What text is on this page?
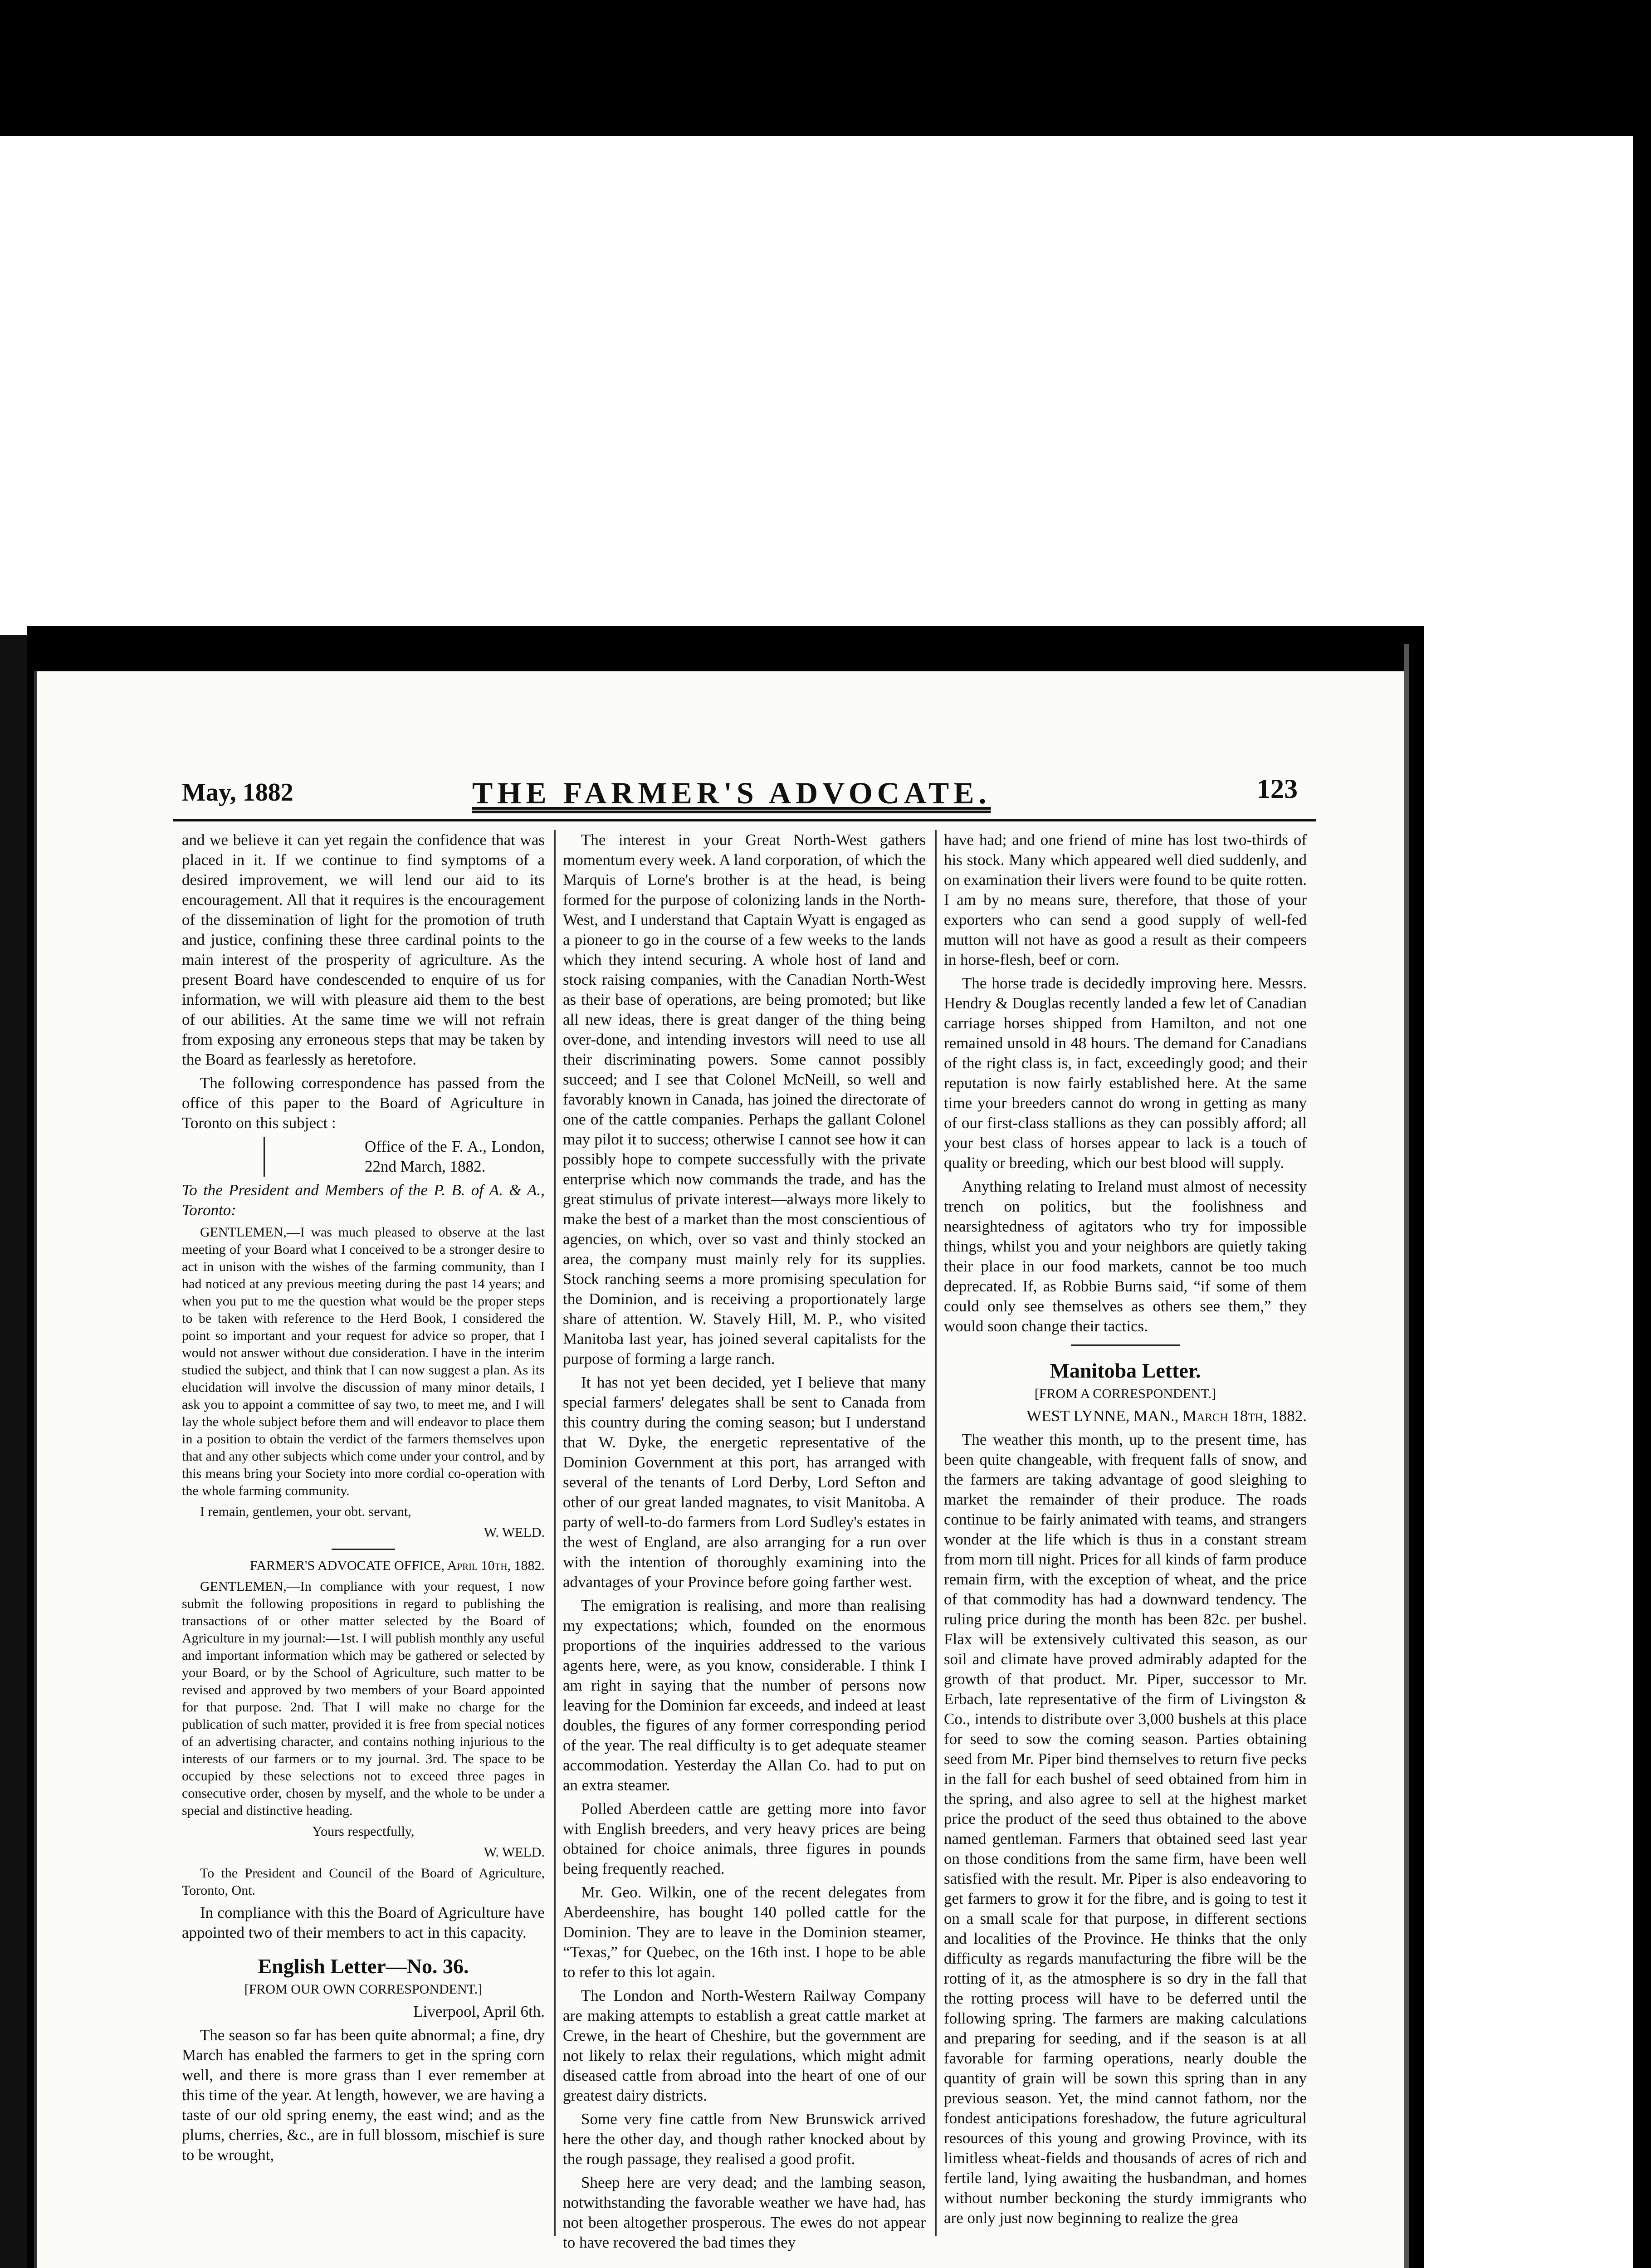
May, 1882	THE FARMER'S ADVOCATE.	123

and we believe it can yet regain the confidence that was placed in it. If we continue to find symptoms of a desired improvement, we will lend our aid to its encouragement. All that it requires is the encouragement of the dissemination of light for the promotion of truth and justice, confining these three cardinal points to the main interest of the prosperity of agriculture. As the present Board have condescended to enquire of us for information, we will with pleasure aid them to the best of our abilities. At the same time we will not refrain from exposing any erroneous steps that may be taken by the Board as fearlessly as heretofore.

The following correspondence has passed from the office of this paper to the Board of Agriculture in Toronto on this subject :

Office of the F. A., London, 22nd March, 1882.

To the President and Members of the P. B. of A. & A., Toronto:

GENTLEMEN,—I was much pleased to observe at the last meeting of your Board what I conceived to be a stronger desire to act in unison with the wishes of the farming community, than I had noticed at any previous meeting during the past 14 years; and when you put to me the question what would be the proper steps to be taken with reference to the Herd Book, I considered the point so important and your request for advice so proper, that I would not answer without due consideration. I have in the interim studied the subject, and think that I can now suggest a plan. As its elucidation will involve the discussion of many minor details, I ask you to appoint a committee of say two, to meet me, and I will lay the whole subject before them and will endeavor to place them in a position to obtain the verdict of the farmers themselves upon that and any other subjects which come under your control, and by this means bring your Society into more cordial co-operation with the whole farming community.

I remain, gentlemen, your obt. servant,

W. WELD.

FARMER'S ADVOCATE OFFICE, April 10th, 1882.

GENTLEMEN,—In compliance with your request, I now submit the following propositions in regard to publishing the transactions of or other matter selected by the Board of Agriculture in my journal:—1st. I will publish monthly any useful and important information which may be gathered or selected by your Board, or by the School of Agriculture, such matter to be revised and approved by two members of your Board appointed for that purpose. 2nd. That I will make no charge for the publication of such matter, provided it is free from special notices of an advertising character, and contains nothing injurious to the interests of our farmers or to my journal. 3rd. The space to be occupied by these selections not to exceed three pages in consecutive order, chosen by myself, and the whole to be under a special and distinctive heading.

Yours respectfully,

W. WELD.

To the President and Council of the Board of Agriculture, Toronto, Ont.

In compliance with this the Board of Agriculture have appointed two of their members to act in this capacity.

English Letter—No. 36.

[FROM OUR OWN CORRESPONDENT.]

Liverpool, April 6th.

The season so far has been quite abnormal; a fine, dry March has enabled the farmers to get in the spring corn well, and there is more grass than I ever remember at this time of the year. At length, however, we are having a taste of our old spring enemy, the east wind; and as the plums, cherries, &c., are in full blossom, mischief is sure to be wrought,

The interest in your Great North-West gathers momentum every week. A land corporation, of which the Marquis of Lorne's brother is at the head, is being formed for the purpose of colonizing lands in the North-West, and I understand that Captain Wyatt is engaged as a pioneer to go in the course of a few weeks to the lands which they intend securing. A whole host of land and stock raising companies, with the Canadian North-West as their base of operations, are being promoted; but like all new ideas, there is great danger of the thing being over-done, and intending investors will need to use all their discriminating powers. Some cannot possibly succeed; and I see that Colonel McNeill, so well and favorably known in Canada, has joined the directorate of one of the cattle companies. Perhaps the gallant Colonel may pilot it to success; otherwise I cannot see how it can possibly hope to compete successfully with the private enterprise which now commands the trade, and has the great stimulus of private interest—always more likely to make the best of a market than the most conscientious of agencies, on which, over so vast and thinly stocked an area, the company must mainly rely for its supplies. Stock ranching seems a more promising speculation for the Dominion, and is receiving a proportionately large share of attention. W. Stavely Hill, M. P., who visited Manitoba last year, has joined several capitalists for the purpose of forming a large ranch.

It has not yet been decided, yet I believe that many special farmers' delegates shall be sent to Canada from this country during the coming season; but I understand that W. Dyke, the energetic representative of the Dominion Government at this port, has arranged with several of the tenants of Lord Derby, Lord Sefton and other of our great landed magnates, to visit Manitoba. A party of well-to-do farmers from Lord Sudley's estates in the west of England, are also arranging for a run over with the intention of thoroughly examining into the advantages of your Province before going farther west.

The emigration is realising, and more than realising my expectations; which, founded on the enormous proportions of the inquiries addressed to the various agents here, were, as you know, considerable. I think I am right in saying that the number of persons now leaving for the Dominion far exceeds, and indeed at least doubles, the figures of any former corresponding period of the year. The real difficulty is to get adequate steamer accommodation. Yesterday the Allan Co. had to put on an extra steamer.

Polled Aberdeen cattle are getting more into favor with English breeders, and very heavy prices are being obtained for choice animals, three figures in pounds being frequently reached.

Mr. Geo. Wilkin, one of the recent delegates from Aberdeenshire, has bought 140 polled cattle for the Dominion. They are to leave in the Dominion steamer, “Texas,” for Quebec, on the 16th inst. I hope to be able to refer to this lot again.

The London and North-Western Railway Company are making attempts to establish a great cattle market at Crewe, in the heart of Cheshire, but the government are not likely to relax their regulations, which might admit diseased cattle from abroad into the heart of one of our greatest dairy districts.

Some very fine cattle from New Brunswick arrived here the other day, and though rather knocked about by the rough passage, they realised a good profit.

Sheep here are very dead; and the lambing season, notwithstanding the favorable weather we have had, has not been altogether prosperous. The ewes do not appear to have recovered the bad times they

have had; and one friend of mine has lost two-thirds of his stock. Many which appeared well died suddenly, and on examination their livers were found to be quite rotten. I am by no means sure, therefore, that those of your exporters who can send a good supply of well-fed mutton will not have as good a result as their compeers in horse-flesh, beef or corn.

The horse trade is decidedly improving here. Messrs. Hendry & Douglas recently landed a few let of Canadian carriage horses shipped from Hamilton, and not one remained unsold in 48 hours. The demand for Canadians of the right class is, in fact, exceedingly good; and their reputation is now fairly established here. At the same time your breeders cannot do wrong in getting as many of our first-class stallions as they can possibly afford; all your best class of horses appear to lack is a touch of quality or breeding, which our best blood will supply.

Anything relating to Ireland must almost of necessity trench on politics, but the foolishness and nearsightedness of agitators who try for impossible things, whilst you and your neighbors are quietly taking their place in our food markets, cannot be too much deprecated. If, as Robbie Burns said, “if some of them could only see themselves as others see them,” they would soon change their tactics.

Manitoba Letter.

[FROM A CORRESPONDENT.]

WEST LYNNE, MAN., March 18th, 1882.

The weather this month, up to the present time, has been quite changeable, with frequent falls of snow, and the farmers are taking advantage of good sleighing to market the remainder of their produce. The roads continue to be fairly animated with teams, and strangers wonder at the life which is thus in a constant stream from morn till night. Prices for all kinds of farm produce remain firm, with the exception of wheat, and the price of that commodity has had a downward tendency. The ruling price during the month has been 82c. per bushel. Flax will be extensively cultivated this season, as our soil and climate have proved admirably adapted for the growth of that product. Mr. Piper, successor to Mr. Erbach, late representative of the firm of Livingston & Co., intends to distribute over 3,000 bushels at this place for seed to sow the coming season. Parties obtaining seed from Mr. Piper bind themselves to return five pecks in the fall for each bushel of seed obtained from him in the spring, and also agree to sell at the highest market price the product of the seed thus obtained to the above named gentleman. Farmers that obtained seed last year on those conditions from the same firm, have been well satisfied with the result. Mr. Piper is also endeavoring to get farmers to grow it for the fibre, and is going to test it on a small scale for that purpose, in different sections and localities of the Province. He thinks that the only difficulty as regards manufacturing the fibre will be the rotting of it, as the atmosphere is so dry in the fall that the rotting process will have to be deferred until the following spring. The farmers are making calculations and preparing for seeding, and if the season is at all favorable for farming operations, nearly double the quantity of grain will be sown this spring than in any previous season. Yet, the mind cannot fathom, nor the fondest anticipations foreshadow, the future agricultural resources of this young and growing Province, with its limitless wheat-fields and thousands of acres of rich and fertile land, lying awaiting the husbandman, and homes without number beckoning the sturdy immigrants who are only just now beginning to realize the grea
